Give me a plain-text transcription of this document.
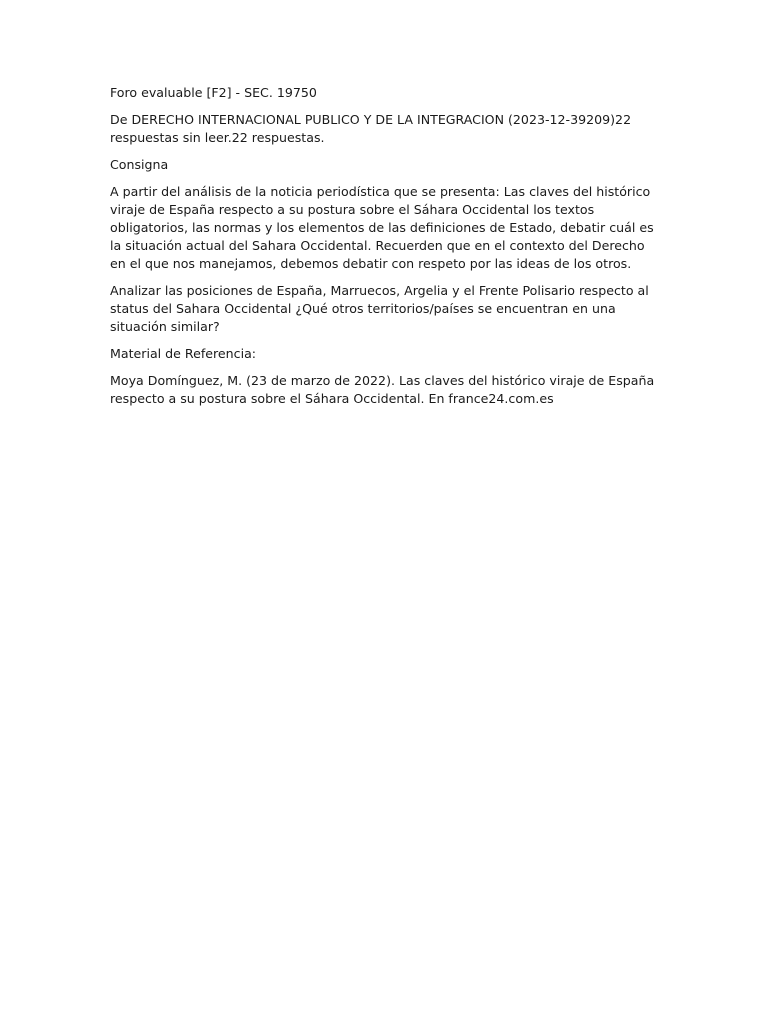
Foro evaluable [F2] - SEC. 19750

De DERECHO INTERNACIONAL PUBLICO Y DE LA INTEGRACION (2023-12-39209)22 respuestas sin leer.22 respuestas.

Consigna

A partir del análisis de la noticia periodística que se presenta: Las claves del histórico viraje de España respecto a su postura sobre el Sáhara Occidental los textos obligatorios, las normas y los elementos de las definiciones de Estado, debatir cuál es la situación actual del Sahara Occidental. Recuerden que en el contexto del Derecho en el que nos manejamos, debemos debatir con respeto por las ideas de los otros.

Analizar las posiciones de España, Marruecos, Argelia y el Frente Polisario respecto al status del Sahara Occidental ¿Qué otros territorios/países se encuentran en una situación similar?

Material de Referencia:

Moya Domínguez, M. (23 de marzo de 2022). Las claves del histórico viraje de España respecto a su postura sobre el Sáhara Occidental. En france24.com.es
